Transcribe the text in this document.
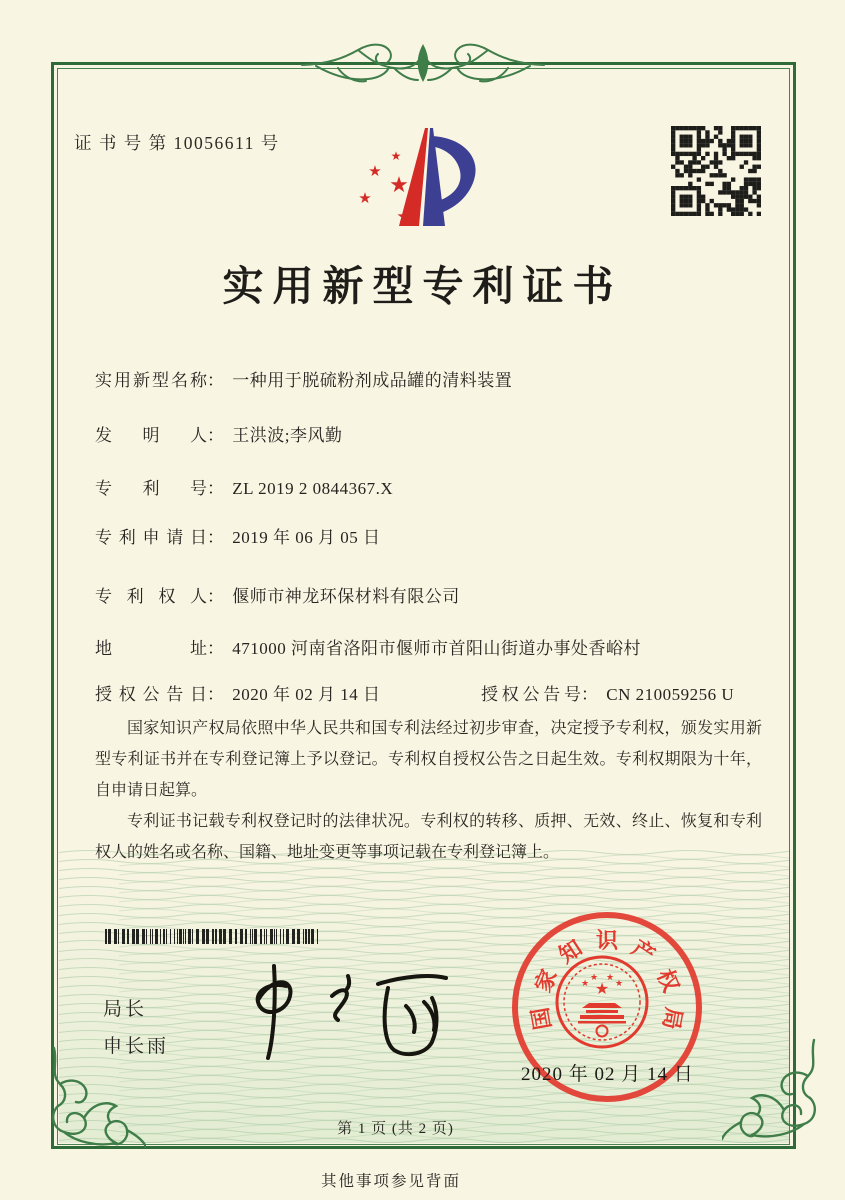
证 书 号 第 10056611 号
★
★ ★
★
★
实用新型专利证书
实用新型名称： 一种用于脱硫粉剂成品罐的清料装置
发明人： 王洪波;李风勤
专利号： ZL 2019 2 0844367.X
专利申请日： 2019 年 06 月 05 日
专利权人： 偃师市神龙环保材料有限公司
地址： 471000 河南省洛阳市偃师市首阳山街道办事处香峪村
授权公告日： 2020 年 02 月 14 日	授权公告号： CN 210059256 U

国家知识产权局依照中华人民共和国专利法经过初步审查，决定授予专利权，颁发实用新型专利证书并在专利登记簿上予以登记。专利权自授权公告之日起生效。专利权期限为十年，自申请日起算。

专利证书记载专利权登记时的法律状况。专利权的转移、质押、无效、终止、恢复和专利权人的姓名或名称、国籍、地址变更等事项记载在专利登记簿上。

局长
申长雨
国
家
知 识 产
权
局
★
★
★ ★
★
2020 年 02 月 14 日
第 1 页 (共 2 页)
其他事项参见背面
